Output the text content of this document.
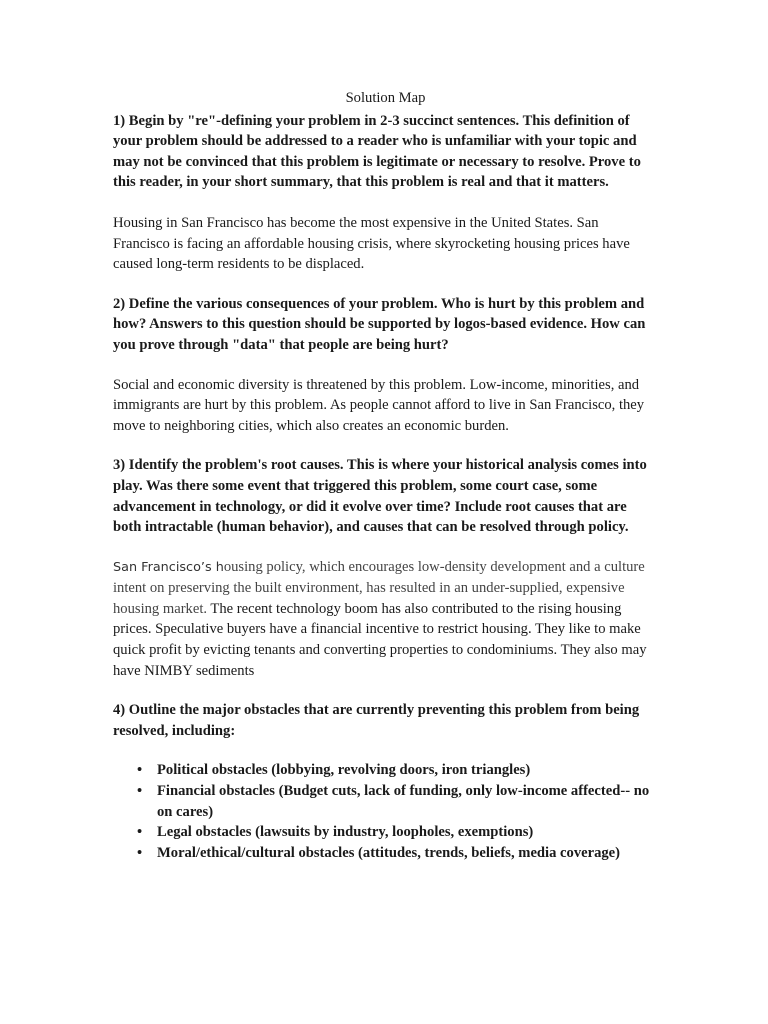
Solution Map

1) Begin by "re"-defining your problem in 2-3 succinct sentences. This definition of your problem should be addressed to a reader who is unfamiliar with your topic and may not be convinced that this problem is legitimate or necessary to resolve. Prove to this reader, in your short summary, that this problem is real and that it matters.

Housing in San Francisco has become the most expensive in the United States. San Francisco is facing an affordable housing crisis, where skyrocketing housing prices have caused long-term residents to be displaced.

2) Define the various consequences of your problem. Who is hurt by this problem and how? Answers to this question should be supported by logos-based evidence. How can you prove through "data" that people are being hurt?

Social and economic diversity is threatened by this problem. Low-income, minorities, and immigrants are hurt by this problem. As people cannot afford to live in San Francisco, they move to neighboring cities, which also creates an economic burden.

3) Identify the problem's root causes. This is where your historical analysis comes into play. Was there some event that triggered this problem, some court case, some advancement in technology, or did it evolve over time? Include root causes that are both intractable (human behavior), and causes that can be resolved through policy.

San Francisco’s housing policy, which encourages low-density development and a culture intent on preserving the built environment, has resulted in an under-supplied, expensive housing market. The recent technology boom has also contributed to the rising housing prices. Speculative buyers have a financial incentive to restrict housing. They like to make quick profit by evicting tenants and converting properties to condominiums. They also may have NIMBY sediments

4) Outline the major obstacles that are currently preventing this problem from being resolved, including:

• Political obstacles (lobbying, revolving doors, iron triangles)
• Financial obstacles (Budget cuts, lack of funding, only low-income affected-- no on cares)
• Legal obstacles (lawsuits by industry, loopholes, exemptions)
• Moral/ethical/cultural obstacles (attitudes, trends, beliefs, media coverage)
